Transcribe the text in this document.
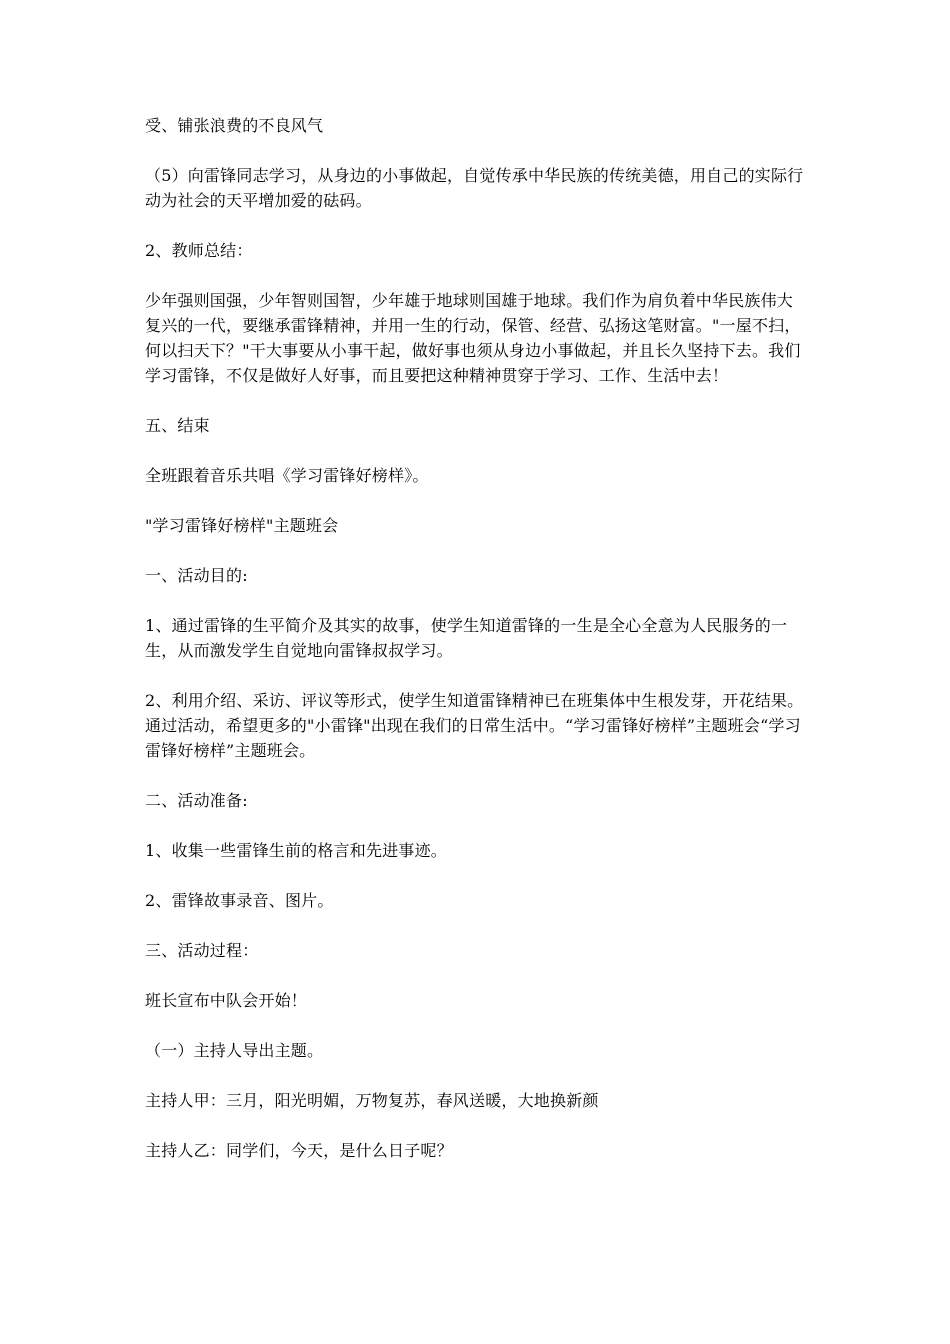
受、铺张浪费的不良风气

（5）向雷锋同志学习，从身边的小事做起，自觉传承中华民族的传统美德，用自己的实际行动为社会的天平增加爱的砝码。

2、教师总结：

少年强则国强，少年智则国智，少年雄于地球则国雄于地球。我们作为肩负着中华民族伟大复兴的一代，要继承雷锋精神，并用一生的行动，保管、经营、弘扬这笔财富。"一屋不扫，何以扫天下？"干大事要从小事干起，做好事也须从身边小事做起，并且长久坚持下去。我们学习雷锋，不仅是做好人好事，而且要把这种精神贯穿于学习、工作、生活中去！

五、结束

全班跟着音乐共唱《学习雷锋好榜样》。

"学习雷锋好榜样"主题班会

一、活动目的:

1、通过雷锋的生平简介及其实的故事，使学生知道雷锋的一生是全心全意为人民服务的一生，从而激发学生自觉地向雷锋叔叔学习。

2、利用介绍、采访、评议等形式，使学生知道雷锋精神已在班集体中生根发芽，开花结果。通过活动，希望更多的"小雷锋"出现在我们的日常生活中。“学习雷锋好榜样”主题班会“学习雷锋好榜样”主题班会。

二、活动准备:

1、收集一些雷锋生前的格言和先进事迹。

2、雷锋故事录音、图片。

三、活动过程：

班长宣布中队会开始！

（一）主持人导出主题。

主持人甲：三月，阳光明媚，万物复苏，春风送暖，大地换新颜

主持人乙：同学们，今天，是什么日子呢？
